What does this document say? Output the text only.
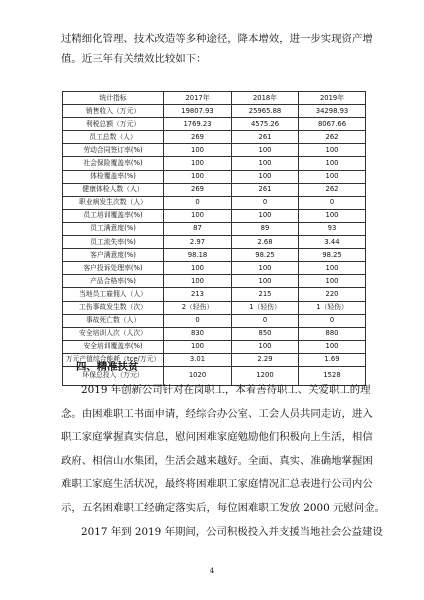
过精细化管理、技术改造等多种途径，降本增效，进一步实现资产增
值。近三年有关绩效比较如下：
统计指标	2017年	2018年	2019年
销售收入（万元）	19807.93	25965.88	34298.93
利税总额（万元）	1769.23	4575.26	8067.66
员工总数（人）	269	261	262
劳动合同签订率(%)	100	100	100
社会保险覆盖率(%)	100	100	100
体检覆盖率(%)	100	100	100
健康体检人数（人）	269	261	262
职业病发生次数（人）	0	0	0
员工培训覆盖率(%)	100	100	100
员工满意度(%)	87	89	93
员工流失率(%)	2.97	2.68	3.44
客户满意度(%)	98.18	98.25	98.25
客户投诉处理率(%)	100	100	100
产品合格率(%)	100	100	100
当地员工雇佣人（人）	213	215	220
工伤事故发生数（次）	2（轻伤）	1（轻伤）	1（轻伤）
事故死亡数（人）	0	0	0
安全培训人次（人次）	830	850	880
安全培训覆盖率(%)	100	100	100
万元产值综合能耗（tce/万元）	3.01	2.29	1.69
环保总投入（万元）	1020	1200	1528
四、精准扶贫
2019 年创新公司针对在岗职工，本着善待职工、关爱职工的理
念。由困难职工书面申请，经综合办公室、工会人员共同走访，进入
职工家庭掌握真实信息，慰问困难家庭勉励他们积极向上生活，相信
政府、相信山水集团，生活会越来越好。全面、真实、准确地掌握困
难职工家庭生活状况，最终将困难职工家庭情况汇总表进行公司内公
示，五名困难职工经确定落实后，每位困难职工发放 2000 元慰问金。
2017 年到 2019 年期间，公司积极投入并支援当地社会公益建设
4
